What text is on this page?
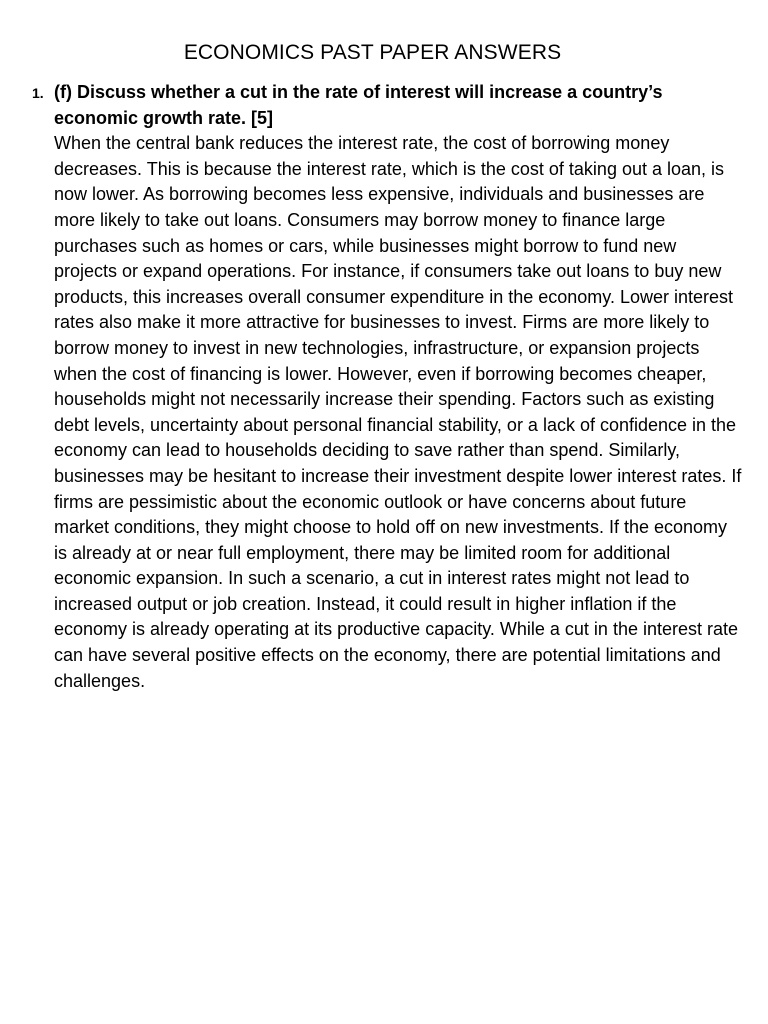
ECONOMICS PAST PAPER ANSWERS
1. (f) Discuss whether a cut in the rate of interest will increase a country’s economic growth rate. [5]

When the central bank reduces the interest rate, the cost of borrowing money decreases. This is because the interest rate, which is the cost of taking out a loan, is now lower. As borrowing becomes less expensive, individuals and businesses are more likely to take out loans. Consumers may borrow money to finance large purchases such as homes or cars, while businesses might borrow to fund new projects or expand operations. For instance, if consumers take out loans to buy new products, this increases overall consumer expenditure in the economy. Lower interest rates also make it more attractive for businesses to invest. Firms are more likely to borrow money to invest in new technologies, infrastructure, or expansion projects when the cost of financing is lower. However, even if borrowing becomes cheaper, households might not necessarily increase their spending. Factors such as existing debt levels, uncertainty about personal financial stability, or a lack of confidence in the economy can lead to households deciding to save rather than spend. Similarly, businesses may be hesitant to increase their investment despite lower interest rates. If firms are pessimistic about the economic outlook or have concerns about future market conditions, they might choose to hold off on new investments. If the economy is already at or near full employment, there may be limited room for additional economic expansion. In such a scenario, a cut in interest rates might not lead to increased output or job creation. Instead, it could result in higher inflation if the economy is already operating at its productive capacity. While a cut in the interest rate can have several positive effects on the economy, there are potential limitations and challenges.
